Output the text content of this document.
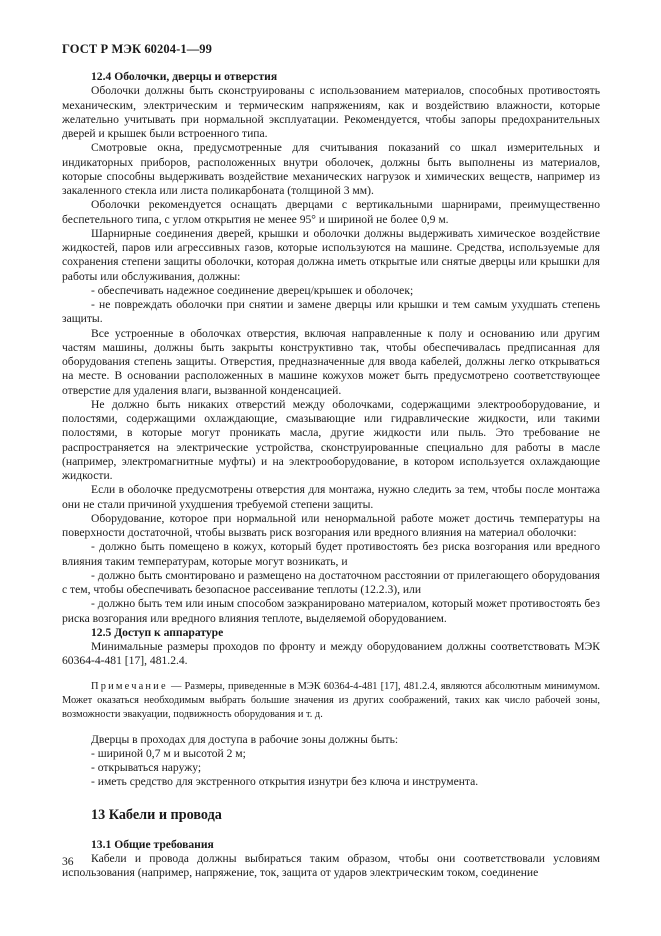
ГОСТ Р МЭК 60204-1—99

12.4 Оболочки, дверцы и отверстия

Оболочки должны быть сконструированы с использованием материалов, способных противостоять механическим, электрическим и термическим напряжениям, как и воздействию влажности, которые желательно учитывать при нормальной эксплуатации. Рекомендуется, чтобы запоры предохранительных дверей и крышек были встроенного типа.

Смотровые окна, предусмотренные для считывания показаний со шкал измерительных и индикаторных приборов, расположенных внутри оболочек, должны быть выполнены из материалов, которые способны выдерживать воздействие механических нагрузок и химических веществ, например из закаленного стекла или листа поликарбоната (толщиной 3 мм).

Оболочки рекомендуется оснащать дверцами с вертикальными шарнирами, преимущественно беспетельного типа, с углом открытия не менее 95° и шириной не более 0,9 м.

Шарнирные соединения дверей, крышки и оболочки должны выдерживать химическое воздействие жидкостей, паров или агрессивных газов, которые используются на машине. Средства, используемые для сохранения степени защиты оболочки, которая должна иметь открытые или снятые дверцы или крышки для работы или обслуживания, должны:

- обеспечивать надежное соединение дверец/крышек и оболочек;

- не повреждать оболочки при снятии и замене дверцы или крышки и тем самым ухудшать степень защиты.

Все устроенные в оболочках отверстия, включая направленные к полу и основанию или другим частям машины, должны быть закрыты конструктивно так, чтобы обеспечивалась предписанная для оборудования степень защиты. Отверстия, предназначенные для ввода кабелей, должны легко открываться на месте. В основании расположенных в машине кожухов может быть предусмотрено соответствующее отверстие для удаления влаги, вызванной конденсацией.

Не должно быть никаких отверстий между оболочками, содержащими электрооборудование, и полостями, содержащими охлаждающие, смазывающие или гидравлические жидкости, или такими полостями, в которые могут проникать масла, другие жидкости или пыль. Это требование не распространяется на электрические устройства, сконструированные специально для работы в масле (например, электромагнитные муфты) и на электрооборудование, в котором используется охлаждающие жидкости.

Если в оболочке предусмотрены отверстия для монтажа, нужно следить за тем, чтобы после монтажа они не стали причиной ухудшения требуемой степени защиты.

Оборудование, которое при нормальной или ненормальной работе может достичь температуры на поверхности достаточной, чтобы вызвать риск возгорания или вредного влияния на материал оболочки:

- должно быть помещено в кожух, который будет противостоять без риска возгорания или вредного влияния таким температурам, которые могут возникать, и

- должно быть смонтировано и размещено на достаточном расстоянии от прилегающего оборудования с тем, чтобы обеспечивать безопасное рассеивание теплоты (12.2.3), или

- должно быть тем или иным способом заэкранировано материалом, который может противостоять без риска возгорания или вредного влияния теплоте, выделяемой оборудованием.

12.5 Доступ к аппаратуре

Минимальные размеры проходов по фронту и между оборудованием должны соответствовать МЭК 60364-4-481 [17], 481.2.4.

Примечание — Размеры, приведенные в МЭК 60364-4-481 [17], 481.2.4, являются абсолютным минимумом. Может оказаться необходимым выбрать большие значения из других соображений, таких как число рабочей зоны, возможности эвакуации, подвижность оборудования и т. д.

Дверцы в проходах для доступа в рабочие зоны должны быть:

- шириной 0,7 м и высотой 2 м;

- открываться наружу;

- иметь средство для экстренного открытия изнутри без ключа и инструмента.

13 Кабели и провода

13.1 Общие требования

Кабели и провода должны выбираться таким образом, чтобы они соответствовали условиям использования (например, напряжение, ток, защита от ударов электрическим током, соединение

36
